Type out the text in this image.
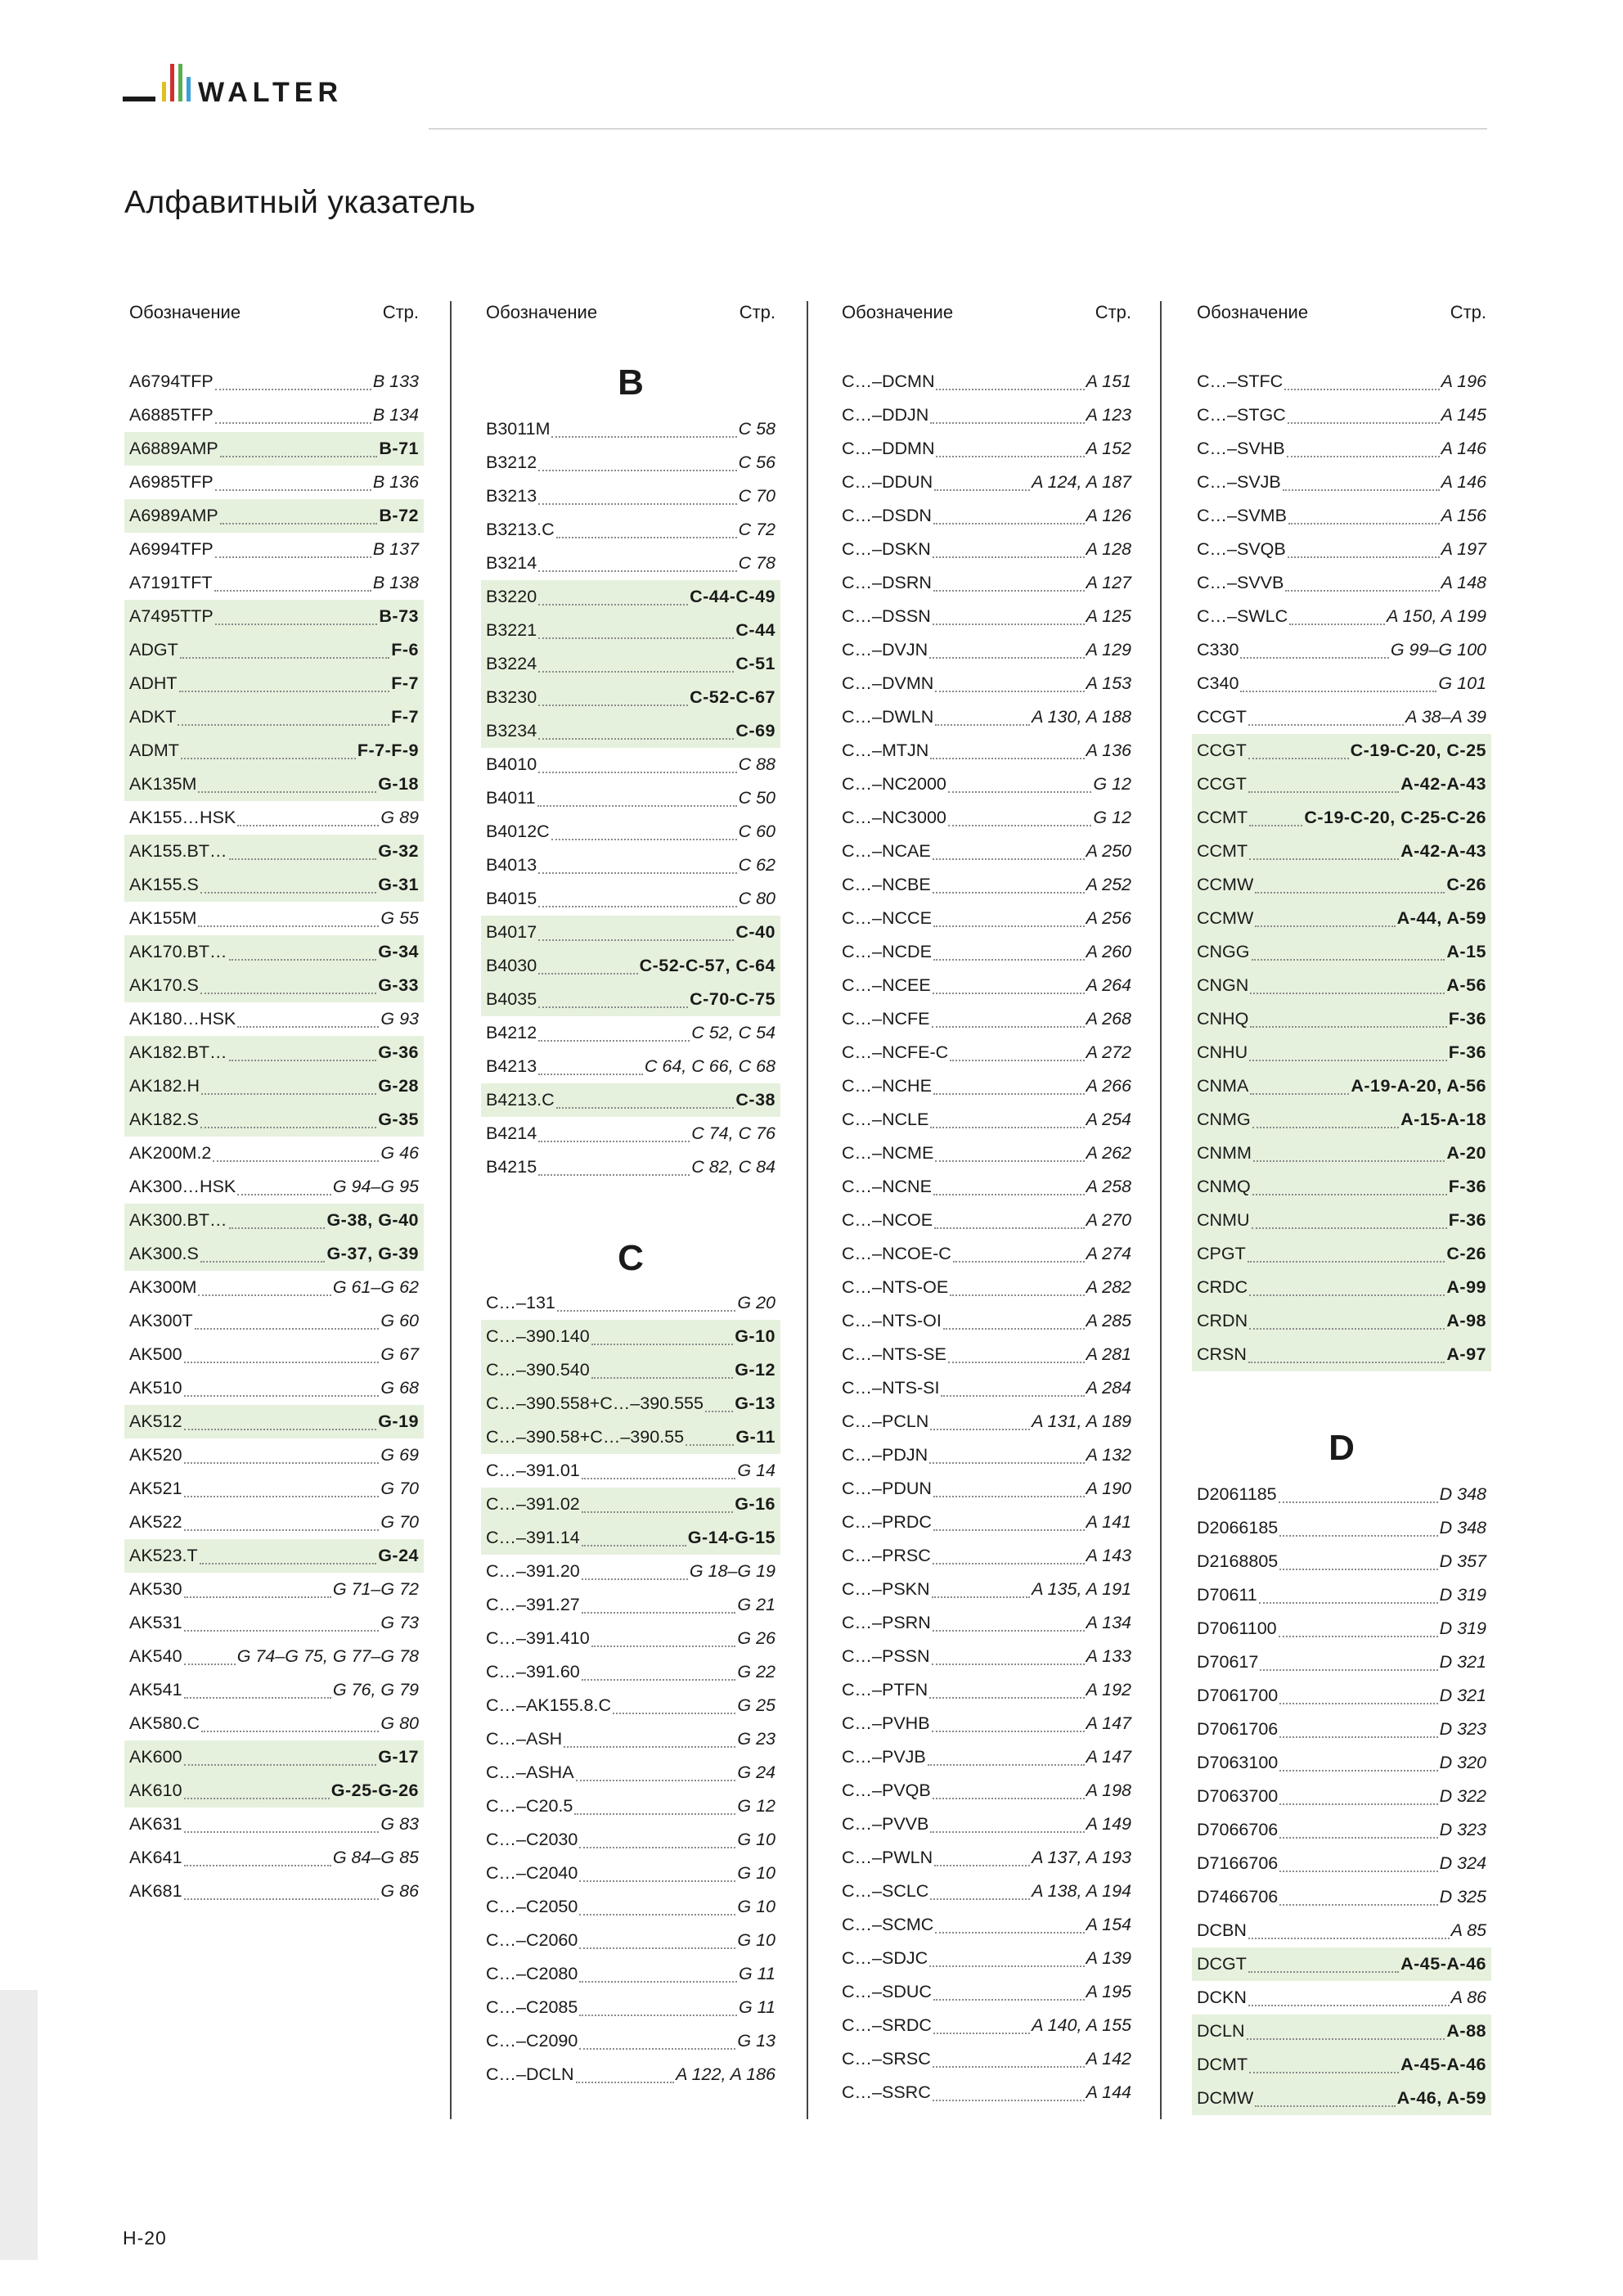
WALTER
Алфавитный указатель
Обозначение	Стр.
A6794TFP	B 133
A6885TFP	B 134
A6889AMP	B-71
A6985TFP	B 136
A6989AMP	B-72
A6994TFP	B 137
A7191TFT	B 138
A7495TTP	B-73
ADGT	F-6
ADHT	F-7
ADKT	F-7
ADMT	F-7-F-9
AK135M	G-18
AK155…HSK	G 89
AK155.BT…	G-32
AK155.S	G-31
AK155M	G 55
AK170.BT…	G-34
AK170.S	G-33
AK180…HSK	G 93
AK182.BT…	G-36
AK182.H	G-28
AK182.S	G-35
AK200M.2	G 46
AK300…HSK	G 94–G 95
AK300.BT…	G-38, G-40
AK300.S	G-37, G-39
AK300M	G 61–G 62
AK300T	G 60
AK500	G 67
AK510	G 68
AK512	G-19
AK520	G 69
AK521	G 70
AK522	G 70
AK523.T	G-24
AK530	G 71–G 72
AK531	G 73
AK540	G 74–G 75, G 77–G 78
AK541	G 76, G 79
AK580.C	G 80
AK600	G-17
AK610	G-25-G-26
AK631	G 83
AK641	G 84–G 85
AK681	G 86
Обозначение	Стр.
B
B3011M	C 58
B3212	C 56
B3213	C 70
B3213.C	C 72
B3214	C 78
B3220	C-44-C-49
B3221	C-44
B3224	C-51
B3230	C-52-C-67
B3234	C-69
B4010	C 88
B4011	C 50
B4012C	C 60
B4013	C 62
B4015	C 80
B4017	C-40
B4030	C-52-C-57, C-64
B4035	C-70-C-75
B4212	C 52, C 54
B4213	C 64, C 66, C 68
B4213.C	C-38
B4214	C 74, C 76
B4215	C 82, C 84
C
C…–131	G 20
C…–390.140	G-10
C…–390.540	G-12
C…–390.558+C…–390.555 G-13
C…–390.58+C…–390.55	G-11
C…–391.01	G 14
C…–391.02	G-16
C…–391.14	G-14-G-15
C…–391.20	G 18–G 19
C…–391.27	G 21
C…–391.410	G 26
C…–391.60	G 22
C…–AK155.8.C	G 25
C…–ASH	G 23
C…–ASHA	G 24
C…–C20.5	G 12
C…–C2030	G 10
C…–C2040	G 10
C…–C2050	G 10
C…–C2060	G 10
C…–C2080	G 11
C…–C2085	G 11
C…–C2090	G 13
C…–DCLN	A 122, A 186
Обозначение	Стр.
C…–DCMN	A 151
C…–DDJN	A 123
C…–DDMN	A 152
C…–DDUN	A 124, A 187
C…–DSDN	A 126
C…–DSKN	A 128
C…–DSRN	A 127
C…–DSSN	A 125
C…–DVJN	A 129
C…–DVMN	A 153
C…–DWLN	A 130, A 188
C…–MTJN	A 136
C…–NC2000	G 12
C…–NC3000	G 12
C…–NCAE	A 250
C…–NCBE	A 252
C…–NCCE	A 256
C…–NCDE	A 260
C…–NCEE	A 264
C…–NCFE	A 268
C…–NCFE-C	A 272
C…–NCHE	A 266
C…–NCLE	A 254
C…–NCME	A 262
C…–NCNE	A 258
C…–NCOE	A 270
C…–NCOE-C	A 274
C…–NTS-OE	A 282
C…–NTS-OI	A 285
C…–NTS-SE	A 281
C…–NTS-SI	A 284
C…–PCLN	A 131, A 189
C…–PDJN	A 132
C…–PDUN	A 190
C…–PRDC	A 141
C…–PRSC	A 143
C…–PSKN	A 135, A 191
C…–PSRN	A 134
C…–PSSN	A 133
C…–PTFN	A 192
C…–PVHB	A 147
C…–PVJB	A 147
C…–PVQB	A 198
C…–PVVB	A 149
C…–PWLN	A 137, A 193
C…–SCLC	A 138, A 194
C…–SCMC	A 154
C…–SDJC	A 139
C…–SDUC	A 195
C…–SRDC	A 140, A 155
C…–SRSC	A 142
C…–SSRC	A 144
Обозначение	Стр.
C…–STFC	A 196
C…–STGC	A 145
C…–SVHB	A 146
C…–SVJB	A 146
C…–SVMB	A 156
C…–SVQB	A 197
C…–SVVB	A 148
C…–SWLC	A 150, A 199
C330	G 99–G 100
C340	G 101
CCGT	A 38–A 39
CCGT	C-19-C-20, C-25
CCGT	A-42-A-43
CCMT	C-19-C-20, C-25-C-26
CCMT	A-42-A-43
CCMW	C-26
CCMW	A-44, A-59
CNGG	A-15
CNGN	A-56
CNHQ	F-36
CNHU	F-36
CNMA	A-19-A-20, A-56
CNMG	A-15-A-18
CNMM	A-20
CNMQ	F-36
CNMU	F-36
CPGT	C-26
CRDC	A-99
CRDN	A-98
CRSN	A-97
D
D2061185	D 348
D2066185	D 348
D2168805	D 357
D70611	D 319
D7061100	D 319
D70617	D 321
D7061700	D 321
D7061706	D 323
D7063100	D 320
D7063700	D 322
D7066706	D 323
D7166706	D 324
D7466706	D 325
DCBN	A 85
DCGT	A-45-A-46
DCKN	A 86
DCLN	A-88
DCMT	A-45-A-46
DCMW	A-46, A-59
H-20
